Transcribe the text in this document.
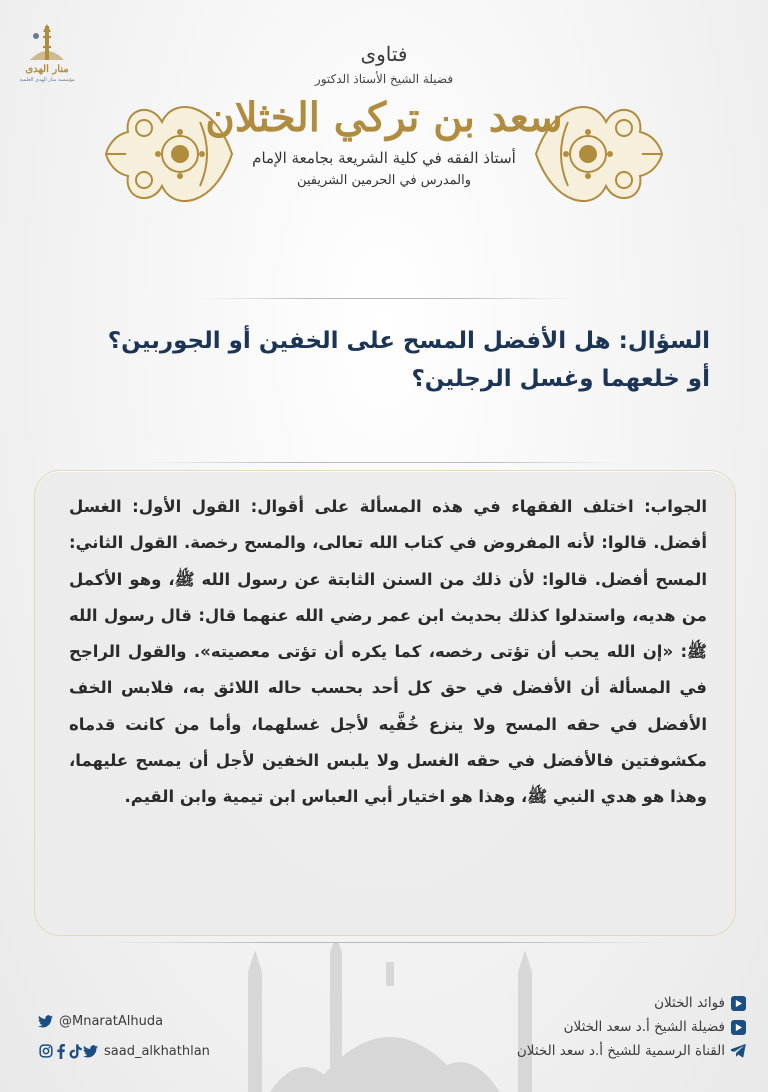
منار الهدى
مؤسسة منار الهدى العلمية
فتاوى
فضيلة الشيخ الأستاذ الدكتور
سعد بن تركي الخثلان
أستاذ الفقه في كلية الشريعة بجامعة الإمام
والمدرس في الحرمين الشريفين
السؤال: هل الأفضل المسح على الخفين أو الجوربين؟
أو خلعهما وغسل الرجلين؟
الجواب: اختلف الفقهاء في هذه المسألة على أقوال: القول الأول: الغسل أفضل. قالوا: لأنه المفروض في كتاب الله تعالى، والمسح رخصة. القول الثاني: المسح أفضل. قالوا: لأن ذلك من السنن الثابتة عن رسول الله ﷺ، وهو الأكمل من هديه، واستدلوا كذلك بحديث ابن عمر رضي الله عنهما قال: قال رسول الله ﷺ: «إن الله يحب أن تؤتى رخصه، كما يكره أن تؤتى معصيته». والقول الراجح في المسألة أن الأفضل في حق كل أحد بحسب حاله اللائق به، فلابس الخف الأفضل في حقه المسح ولا ينزع خُفَّيه لأجل غسلهما، وأما من كانت قدماه مكشوفتين فالأفضل في حقه الغسل ولا يلبس الخفين لأجل أن يمسح عليهما، وهذا هو هدي النبي ﷺ، وهذا هو اختيار أبي العباس ابن تيمية وابن القيم.
@MnaratAlhuda
saad_alkhathlan
فوائد الخثلان
فضيلة الشيخ أ.د سعد الخثلان
القناة الرسمية للشيخ أ.د سعد الخثلان
